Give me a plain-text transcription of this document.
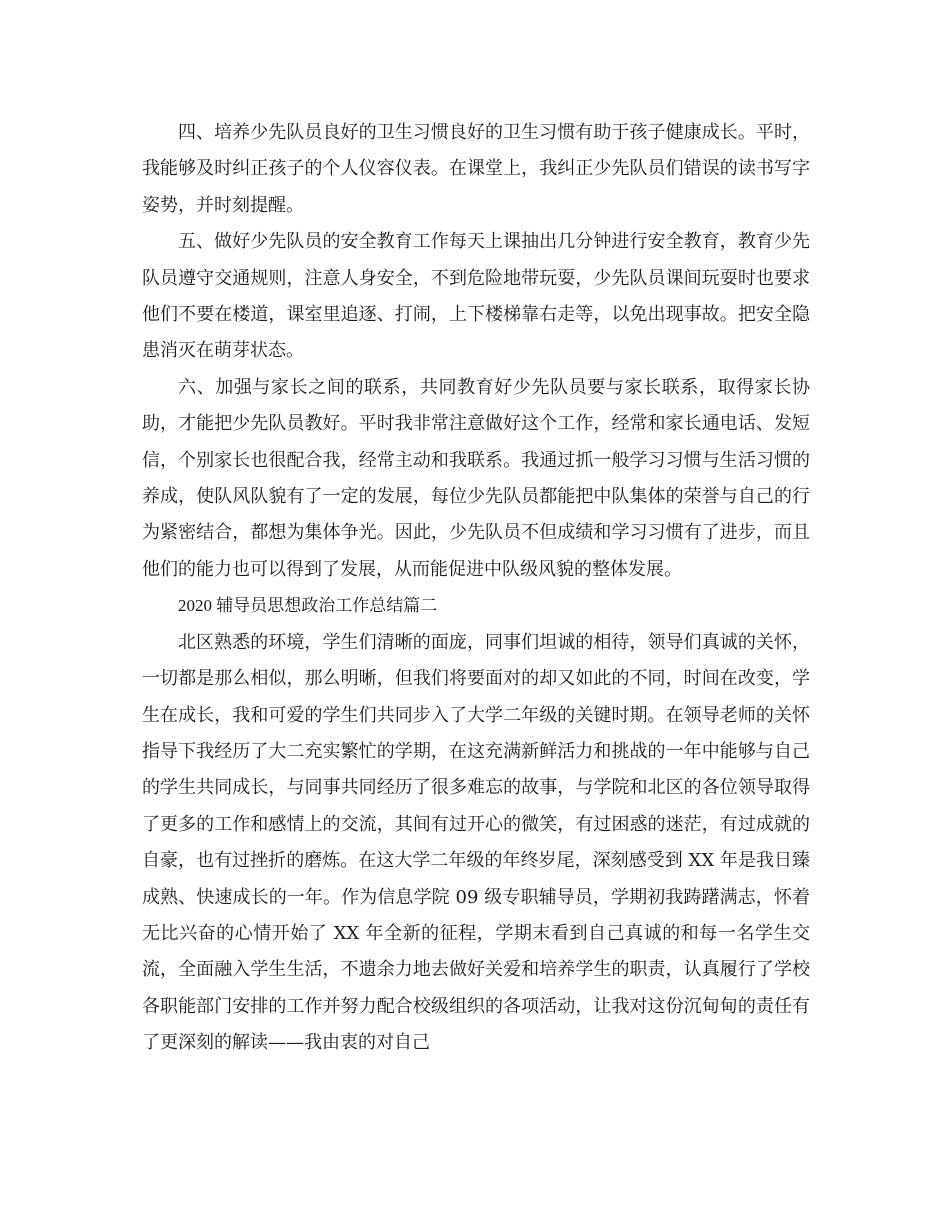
四、培养少先队员良好的卫生习惯良好的卫生习惯有助于孩子健康成长。平时，我能够及时纠正孩子的个人仪容仪表。在课堂上，我纠正少先队员们错误的读书写字姿势，并时刻提醒。

五、做好少先队员的安全教育工作每天上课抽出几分钟进行安全教育，教育少先队员遵守交通规则，注意人身安全，不到危险地带玩耍，少先队员课间玩耍时也要求他们不要在楼道，课室里追逐、打闹，上下楼梯靠右走等，以免出现事故。把安全隐患消灭在萌芽状态。

六、加强与家长之间的联系，共同教育好少先队员要与家长联系，取得家长协助，才能把少先队员教好。平时我非常注意做好这个工作，经常和家长通电话、发短信，个别家长也很配合我，经常主动和我联系。我通过抓一般学习习惯与生活习惯的养成，使队风队貌有了一定的发展，每位少先队员都能把中队集体的荣誉与自己的行为紧密结合，都想为集体争光。因此，少先队员不但成绩和学习习惯有了进步，而且他们的能力也可以得到了发展，从而能促进中队级风貌的整体发展。

2020 辅导员思想政治工作总结篇二

北区熟悉的环境，学生们清晰的面庞，同事们坦诚的相待，领导们真诚的关怀，一切都是那么相似，那么明晰，但我们将要面对的却又如此的不同，时间在改变，学生在成长，我和可爱的学生们共同步入了大学二年级的关键时期。在领导老师的关怀指导下我经历了大二充实繁忙的学期，在这充满新鲜活力和挑战的一年中能够与自己的学生共同成长，与同事共同经历了很多难忘的故事，与学院和北区的各位领导取得了更多的工作和感情上的交流，其间有过开心的微笑，有过困惑的迷茫，有过成就的自豪，也有过挫折的磨炼。在这大学二年级的年终岁尾，深刻感受到 XX 年是我日臻成熟、快速成长的一年。作为信息学院 09 级专职辅导员，学期初我踌躇满志，怀着无比兴奋的心情开始了 XX 年全新的征程，学期末看到自己真诚的和每一名学生交流，全面融入学生生活，不遗余力地去做好关爱和培养学生的职责，认真履行了学校各职能部门安排的工作并努力配合校级组织的各项活动，让我对这份沉甸甸的责任有了更深刻的解读——我由衷的对自己
